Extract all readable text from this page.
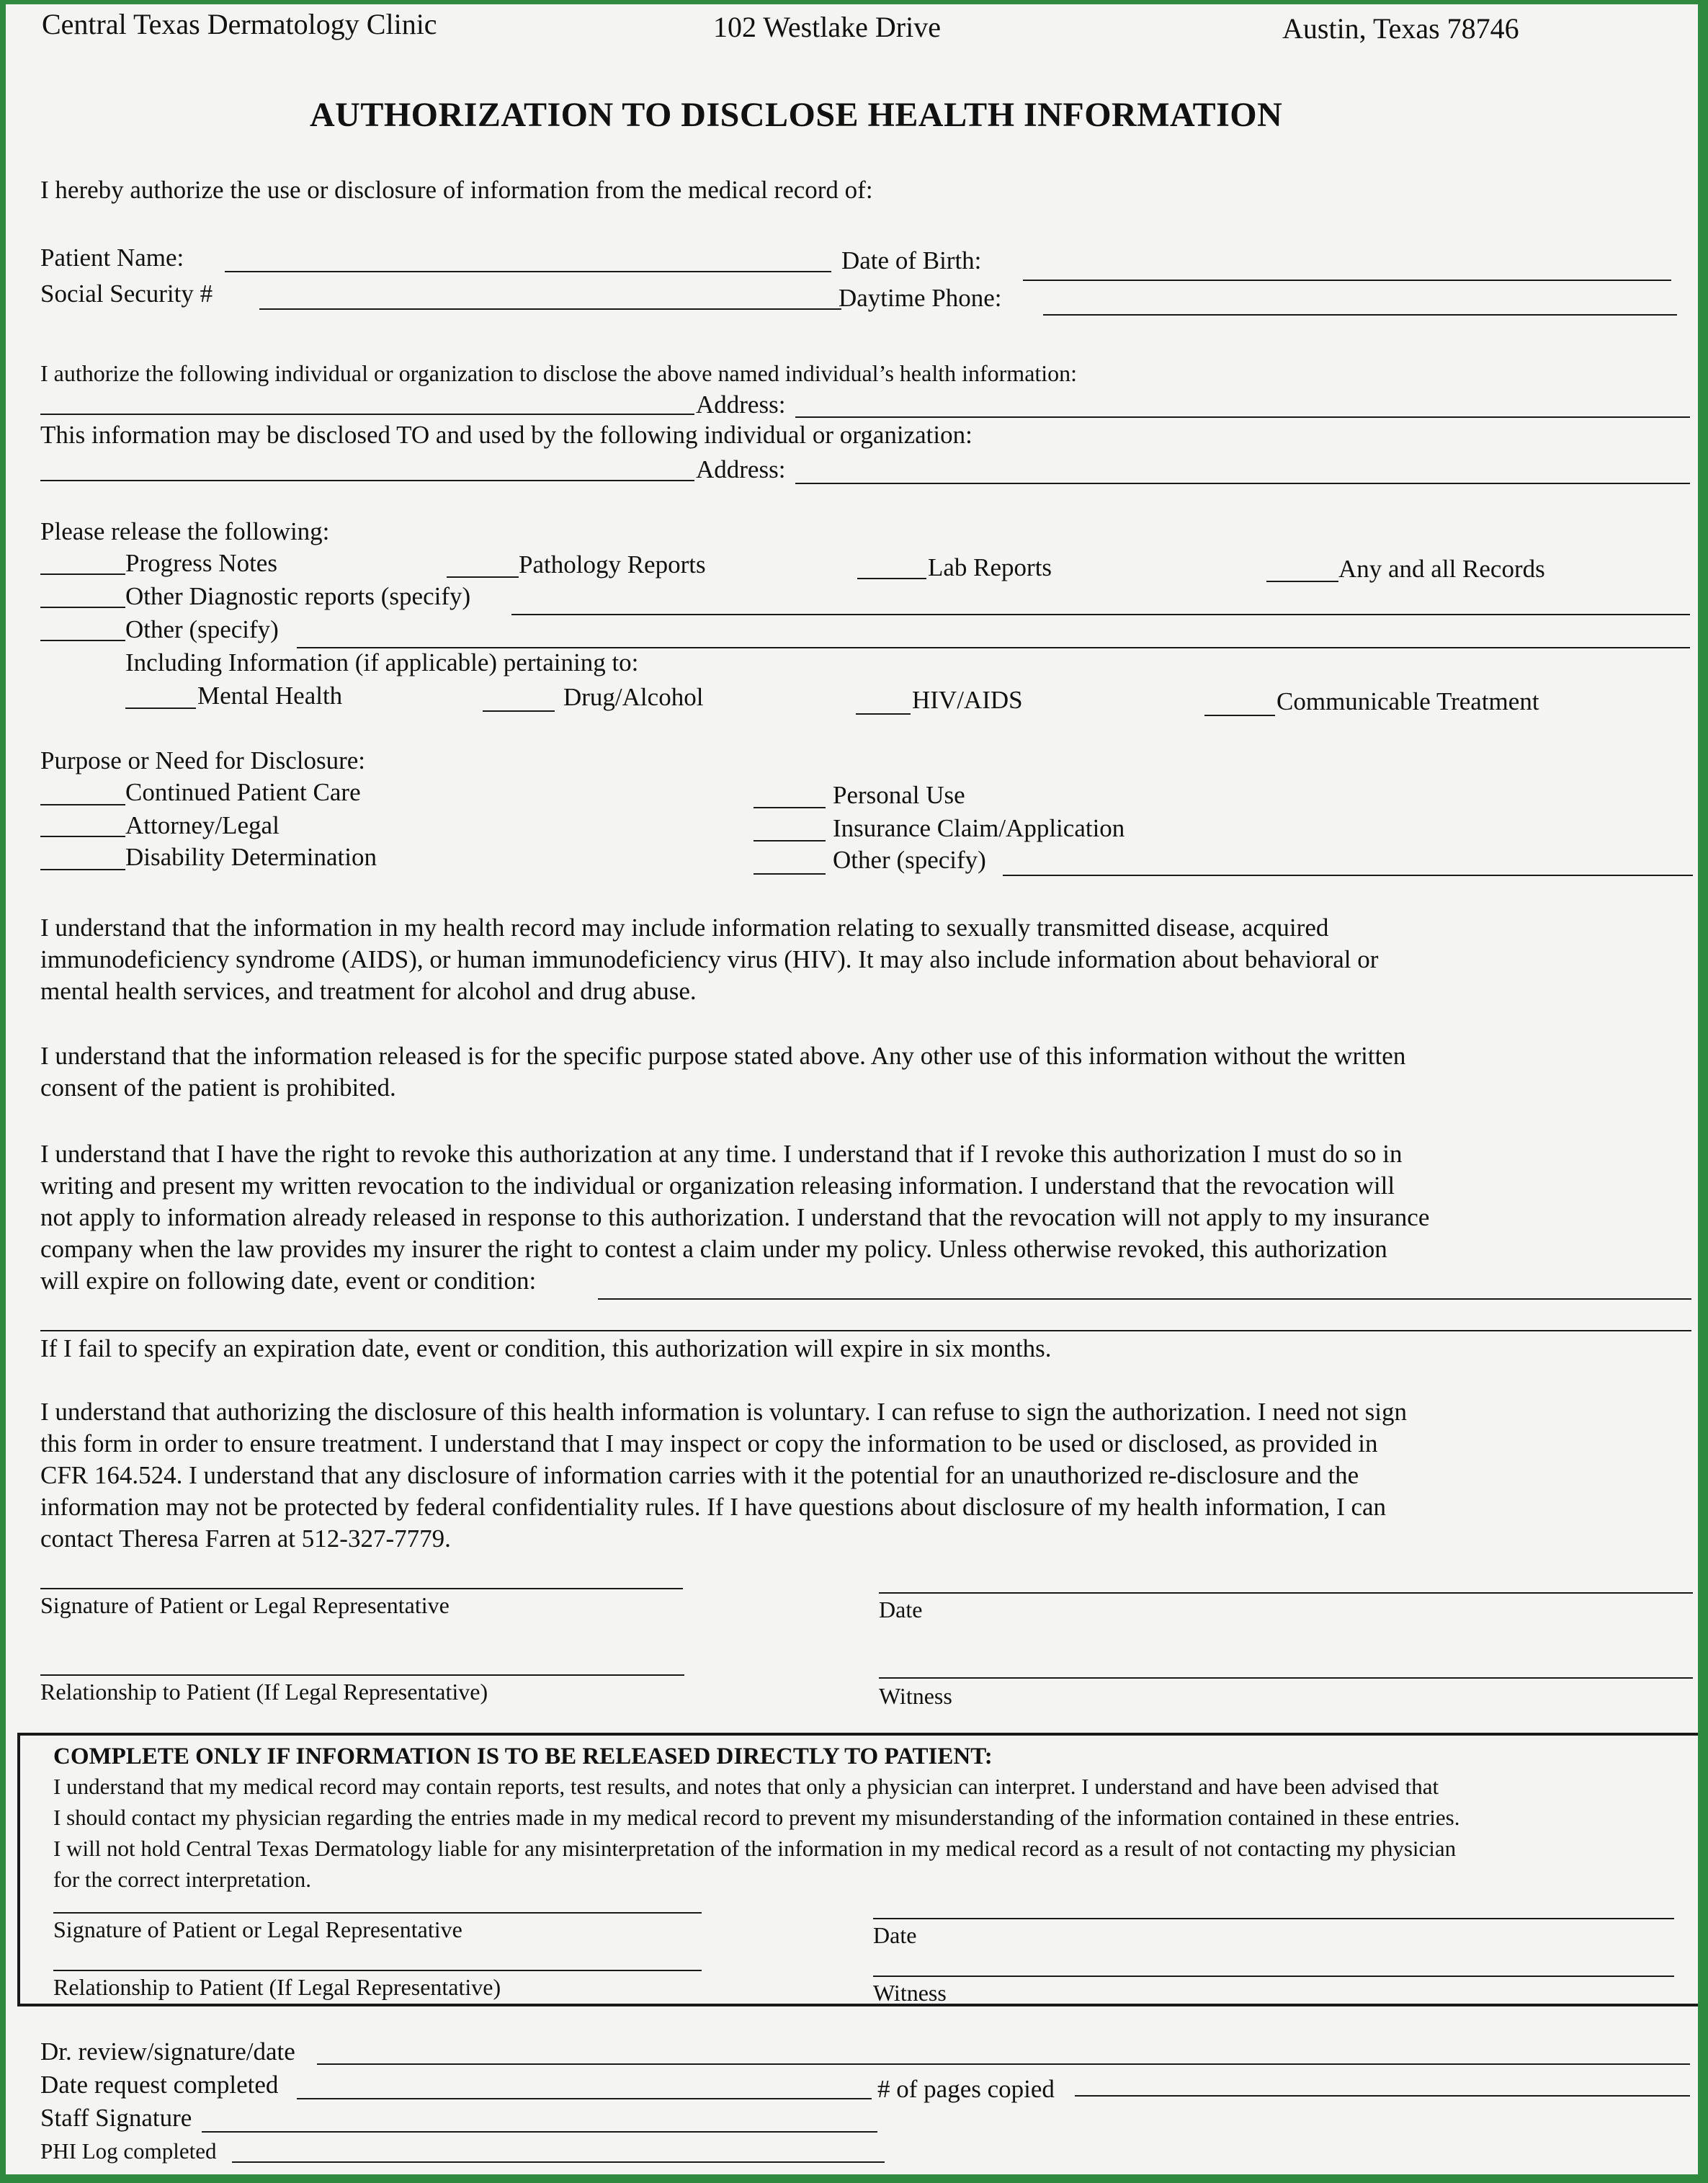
Central Texas Dermatology Clinic	102 Westlake Drive	Austin, Texas 78746
AUTHORIZATION TO DISCLOSE HEALTH INFORMATION
I hereby authorize the use or disclosure of information from the medical record of:
Patient Name:	Date of Birth:
Social Security #	Daytime Phone:
I authorize the following individual or organization to disclose the above named individual’s health information:
Address:
This information may be disclosed TO and used by the following individual or organization:
Address:
Please release the following:
Progress Notes	Pathology Reports	Lab Reports	Any and all Records
Other Diagnostic reports (specify)
Other (specify)
Including Information (if applicable) pertaining to:
Mental Health	Drug/Alcohol	HIV/AIDS	Communicable Treatment
Purpose or Need for Disclosure:
Continued Patient Care	Personal Use
Attorney/Legal	Insurance Claim/Application
Disability Determination	Other (specify)
I understand that the information in my health record may include information relating to sexually transmitted disease, acquired
immunodeficiency syndrome (AIDS), or human immunodeficiency virus (HIV). It may also include information about behavioral or
mental health services, and treatment for alcohol and drug abuse.
I understand that the information released is for the specific purpose stated above. Any other use of this information without the written
consent of the patient is prohibited.
I understand that I have the right to revoke this authorization at any time. I understand that if I revoke this authorization I must do so in
writing and present my written revocation to the individual or organization releasing information. I understand that the revocation will
not apply to information already released in response to this authorization. I understand that the revocation will not apply to my insurance
company when the law provides my insurer the right to contest a claim under my policy. Unless otherwise revoked, this authorization
will expire on following date, event or condition:
If I fail to specify an expiration date, event or condition, this authorization will expire in six months.
I understand that authorizing the disclosure of this health information is voluntary. I can refuse to sign the authorization. I need not sign
this form in order to ensure treatment. I understand that I may inspect or copy the information to be used or disclosed, as provided in
CFR 164.524. I understand that any disclosure of information carries with it the potential for an unauthorized re-disclosure and the
information may not be protected by federal confidentiality rules. If I have questions about disclosure of my health information, I can
contact Theresa Farren at 512-327-7779.
Signature of Patient or Legal Representative	Date
Relationship to Patient (If Legal Representative)	Witness
COMPLETE ONLY IF INFORMATION IS TO BE RELEASED DIRECTLY TO PATIENT:
I understand that my medical record may contain reports, test results, and notes that only a physician can interpret. I understand and have been advised that
I should contact my physician regarding the entries made in my medical record to prevent my misunderstanding of the information contained in these entries.
I will not hold Central Texas Dermatology liable for any misinterpretation of the information in my medical record as a result of not contacting my physician
for the correct interpretation.
Signature of Patient or Legal Representative	Date
Relationship to Patient (If Legal Representative)	Witness
Dr. review/signature/date
Date request completed	# of pages copied
Staff Signature
PHI Log completed
